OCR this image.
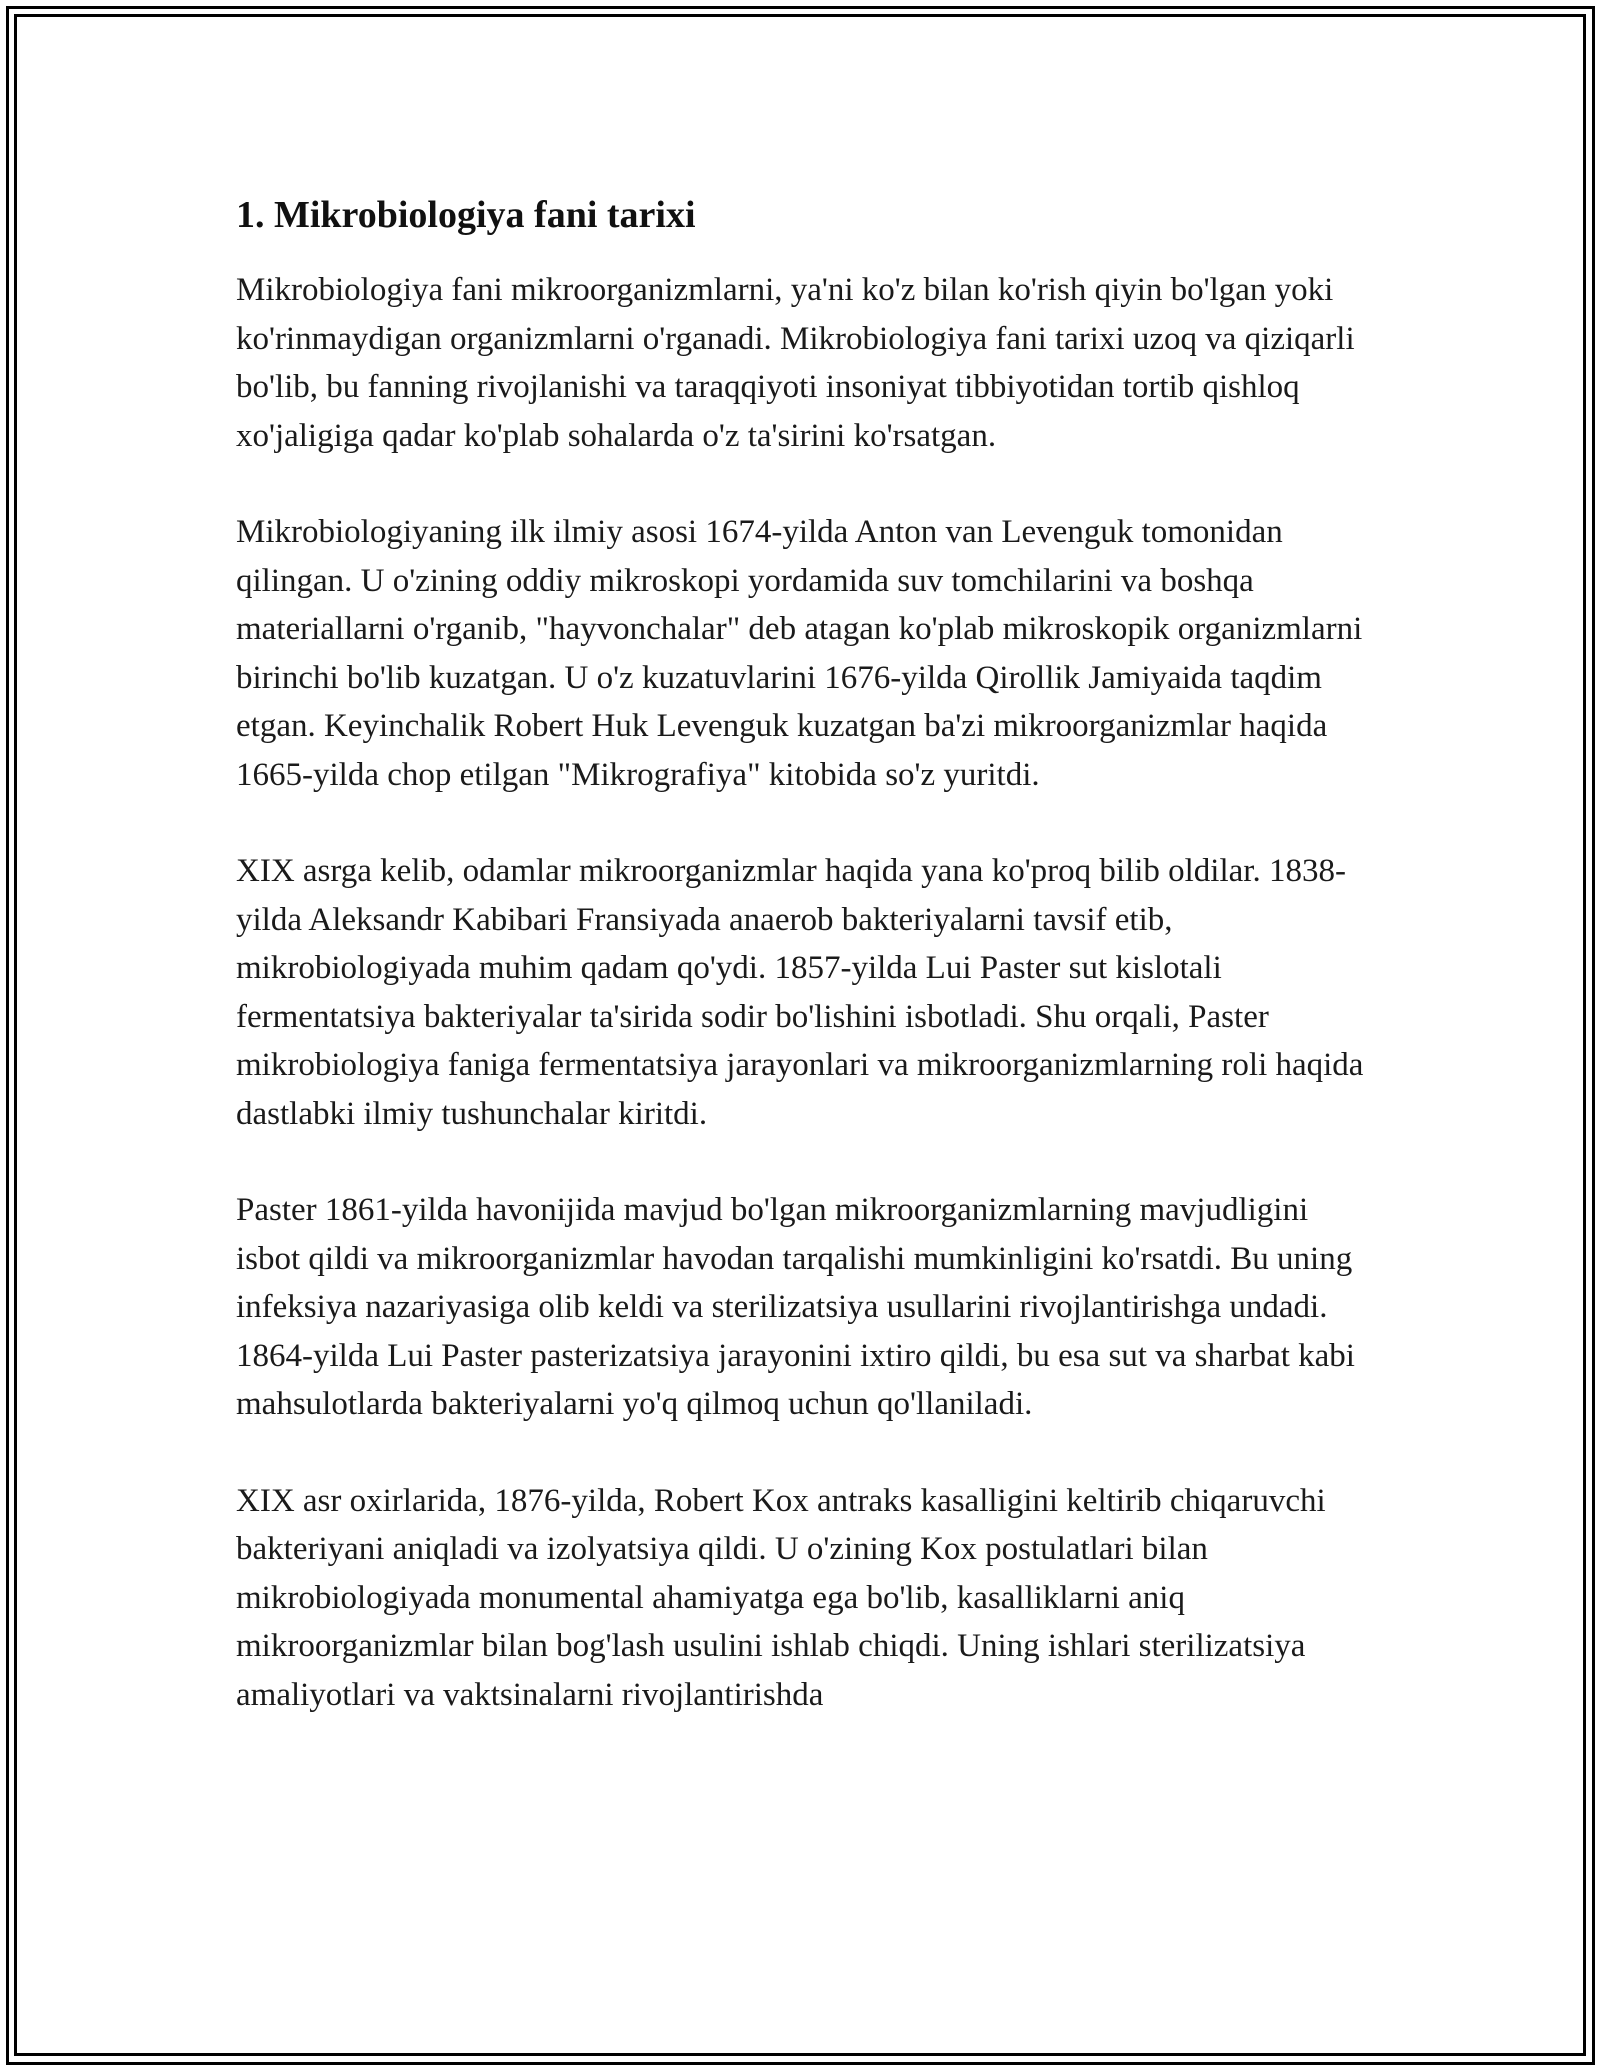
1. Mikrobiologiya fani tarixi

Mikrobiologiya fani mikroorganizmlarni, ya'ni ko'z bilan ko'rish qiyin bo'lgan yoki ko'rinmaydigan organizmlarni o'rganadi. Mikrobiologiya fani tarixi uzoq va qiziqarli bo'lib, bu fanning rivojlanishi va taraqqiyoti insoniyat tibbiyotidan tortib qishloq xo'jaligiga qadar ko'plab sohalarda o'z ta'sirini ko'rsatgan.

Mikrobiologiyaning ilk ilmiy asosi 1674-yilda Anton van Levenguk tomonidan qilingan. U o'zining oddiy mikroskopi yordamida suv tomchilarini va boshqa materiallarni o'rganib, "hayvonchalar" deb atagan ko'plab mikroskopik organizmlarni birinchi bo'lib kuzatgan. U o'z kuzatuvlarini 1676-yilda Qirollik Jamiyaida taqdim etgan. Keyinchalik Robert Huk Levenguk kuzatgan ba'zi mikroorganizmlar haqida 1665-yilda chop etilgan "Mikrografiya" kitobida so'z yuritdi.

XIX asrga kelib, odamlar mikroorganizmlar haqida yana ko'proq bilib oldilar. 1838-yilda Aleksandr Kabibari Fransiyada anaerob bakteriyalarni tavsif etib, mikrobiologiyada muhim qadam qo'ydi. 1857-yilda Lui Paster sut kislotali fermentatsiya bakteriyalar ta'sirida sodir bo'lishini isbotladi. Shu orqali, Paster mikrobiologiya faniga fermentatsiya jarayonlari va mikroorganizmlarning roli haqida dastlabki ilmiy tushunchalar kiritdi.

Paster 1861-yilda havonijida mavjud bo'lgan mikroorganizmlarning mavjudligini isbot qildi va mikroorganizmlar havodan tarqalishi mumkinligini ko'rsatdi. Bu uning infeksiya nazariyasiga olib keldi va sterilizatsiya usullarini rivojlantirishga undadi. 1864-yilda Lui Paster pasterizatsiya jarayonini ixtiro qildi, bu esa sut va sharbat kabi mahsulotlarda bakteriyalarni yo'q qilmoq uchun qo'llaniladi.

XIX asr oxirlarida, 1876-yilda, Robert Kox antraks kasalligini keltirib chiqaruvchi bakteriyani aniqladi va izolyatsiya qildi. U o'zining Kox postulatlari bilan mikrobiologiyada monumental ahamiyatga ega bo'lib, kasalliklarni aniq mikroorganizmlar bilan bog'lash usulini ishlab chiqdi. Uning ishlari sterilizatsiya amaliyotlari va vaktsinalarni rivojlantirishda
